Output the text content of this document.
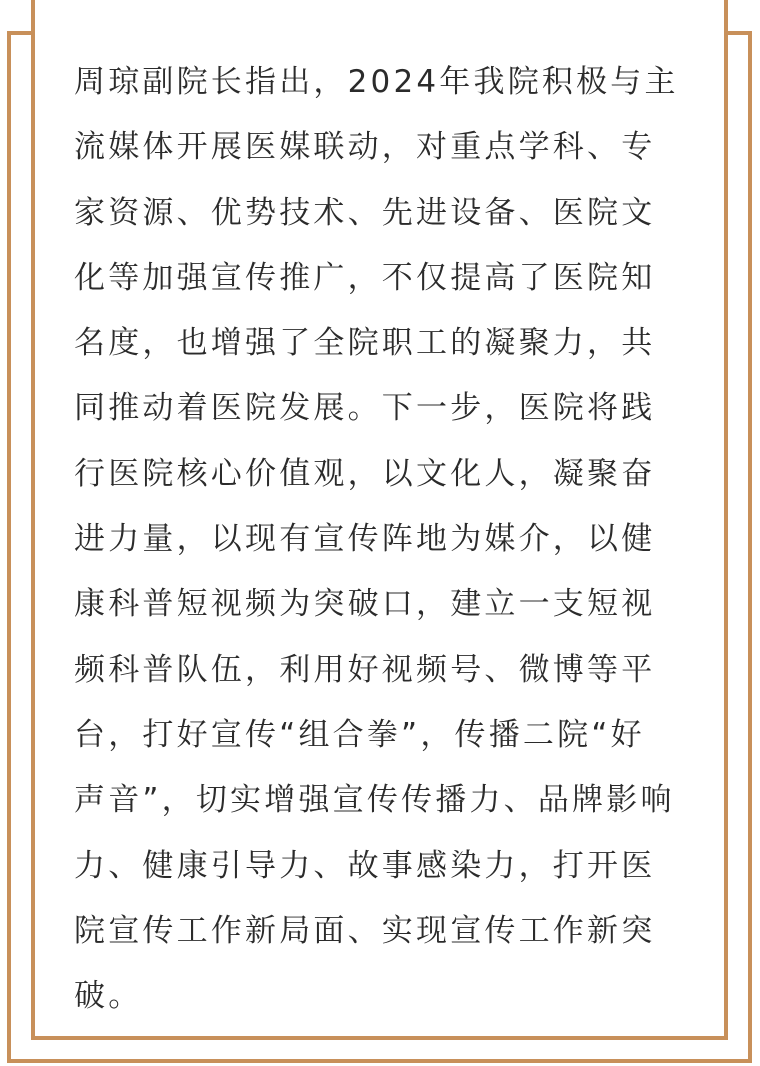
周琼副院长指出，2024年我院积极与主
流媒体开展医媒联动，对重点学科、专
家资源、优势技术、先进设备、医院文
化等加强宣传推广，不仅提高了医院知
名度，也增强了全院职工的凝聚力，共
同推动着医院发展。下一步，医院将践
行医院核心价值观，以文化人，凝聚奋
进力量，以现有宣传阵地为媒介，以健
康科普短视频为突破口，建立一支短视
频科普队伍，利用好视频号、微博等平
台，打好宣传“组合拳”，传播二院“好
声音”，切实增强宣传传播力、品牌影响
力、健康引导力、故事感染力，打开医
院宣传工作新局面、实现宣传工作新突
破。
